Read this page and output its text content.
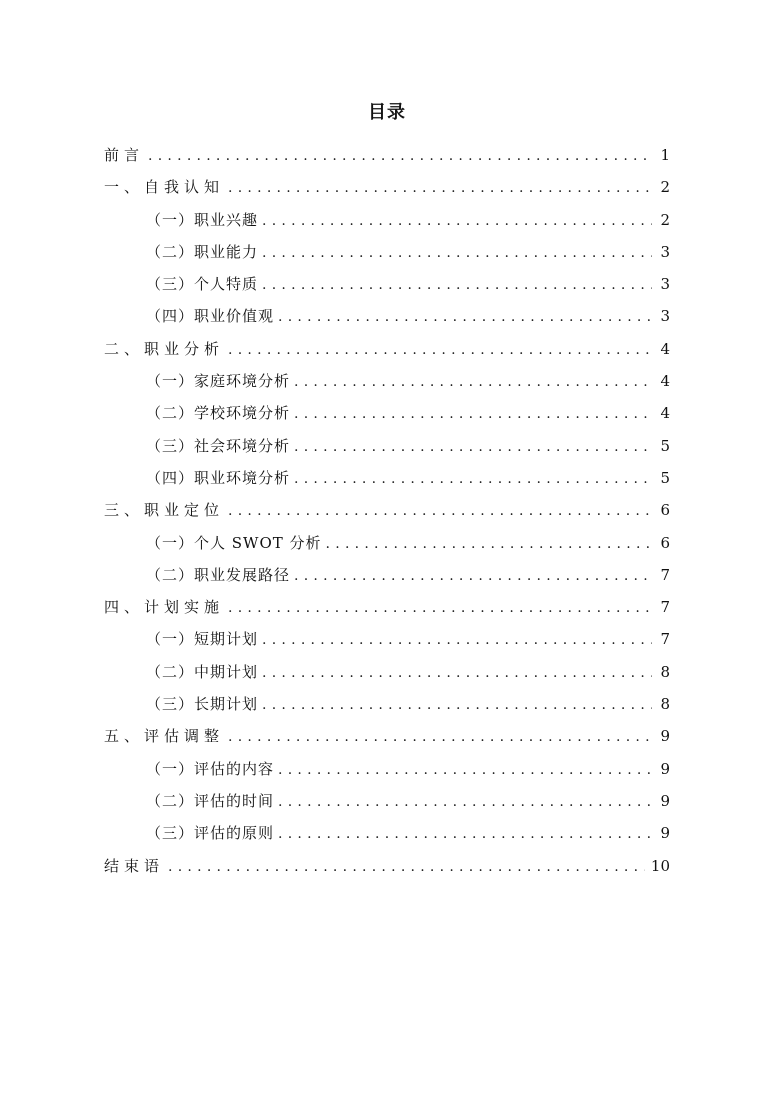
目录
前言 . . .	1
一、自我认知 . . .	2
（一）职业兴趣 . . .	2
（二）职业能力 . . .	3
（三）个人特质 . . .	3
（四）职业价值观 . . .	3
二、职业分析 . . .	4
（一）家庭环境分析 . . .	4
（二）学校环境分析 . . .	4
（三）社会环境分析 . . .	5
（四）职业环境分析 . . .	5
三、职业定位 . . .	6
（一）个人 SWOT 分析 . . .	6
（二）职业发展路径 . . .	7
四、计划实施 . . .	7
（一）短期计划 . . .	7
（二）中期计划 . . .	8
（三）长期计划 . . .	8
五、评估调整 . . .	9
（一）评估的内容 . . .	9
（二）评估的时间 . . .	9
（三）评估的原则 . . .	9
结束语 . . .	10
